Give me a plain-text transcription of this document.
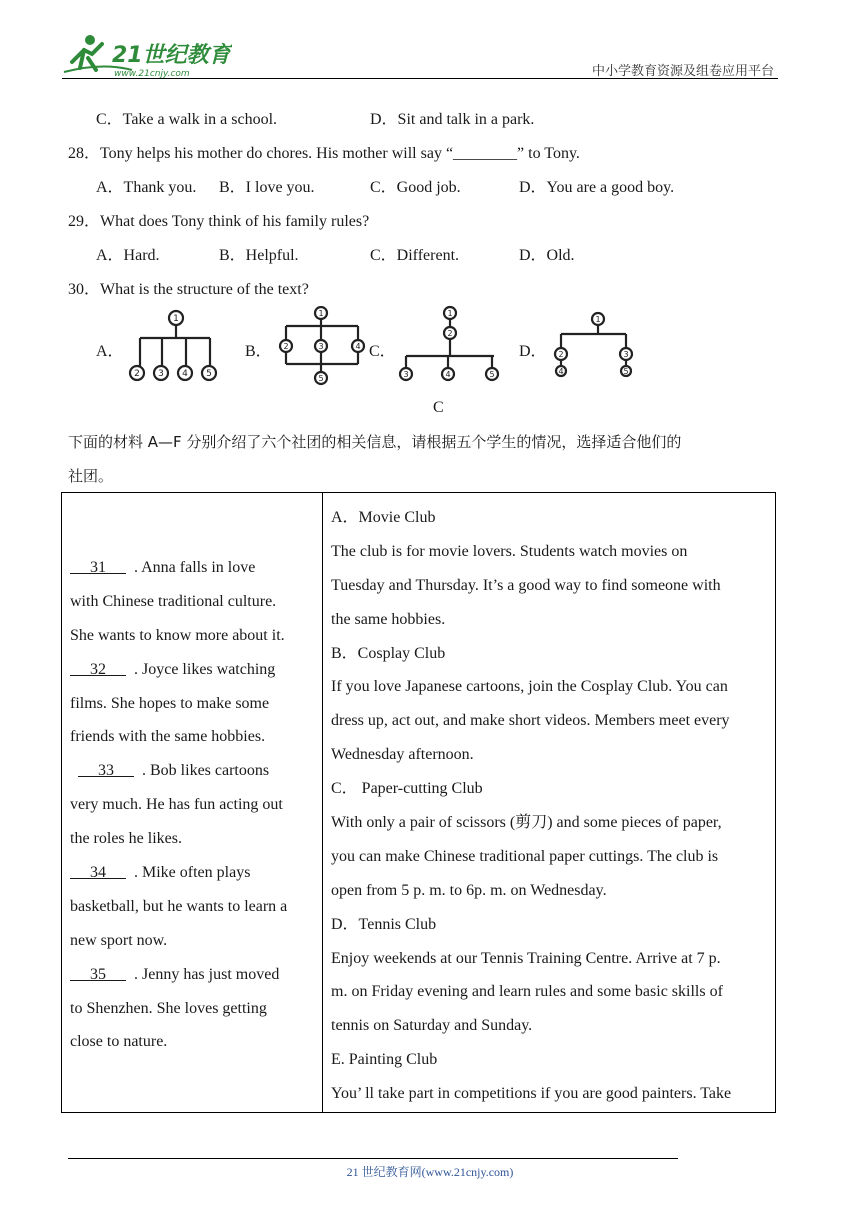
21世纪教育
www.21cnjy.com	中小学教育资源及组卷应用平台
C．Take a walk in a school.	D．Sit and talk in a park.
28．Tony helps his mother do chores. His mother will say “________” to Tony.
A．Thank you. B．I love you.	C．Good job.	D．You are a good boy.
29．What does Tony think of his family rules?
A．Hard.	B．Helpful.	C．Different.	D．Old.
30．What is the structure of the text?
A．	B．	C．	D．
1
2 3 4 5
1
2	3	4
5
1
2
3	4	5
1
2	3
4	5
C
下面的材料 A—F 分别介绍了六个社团的相关信息，请根据五个学生的情况，选择适合他们的
社团。
31 . Anna falls in love
with Chinese traditional culture.
She wants to know more about it.
32 . Joyce likes watching
films. She hopes to make some
friends with the same hobbies.
33 . Bob likes cartoons
very much. He has fun acting out
the roles he likes.
34 . Mike often plays
basketball, but he wants to learn a
new sport now.
35 . Jenny has just moved
to Shenzhen. She loves getting
close to nature.
A．Movie Club
The club is for movie lovers. Students watch movies on
Tuesday and Thursday. It’s a good way to find someone with
the same hobbies.
B．Cosplay Club
If you love Japanese cartoons, join the Cosplay Club. You can
dress up, act out, and make short videos. Members meet every
Wednesday afternoon.
C． Paper-cutting Club
With only a pair of scissors (剪刀) and some pieces of paper,
you can make Chinese traditional paper cuttings. The club is
open from 5 p. m. to 6p. m. on Wednesday.
D．Tennis Club
Enjoy weekends at our Tennis Training Centre. Arrive at 7 p.
m. on Friday evening and learn rules and some basic skills of
tennis on Saturday and Sunday.
E. Painting Club
You’ ll take part in competitions if you are good painters. Take
21 世纪教育网(www.21cnjy.com)
